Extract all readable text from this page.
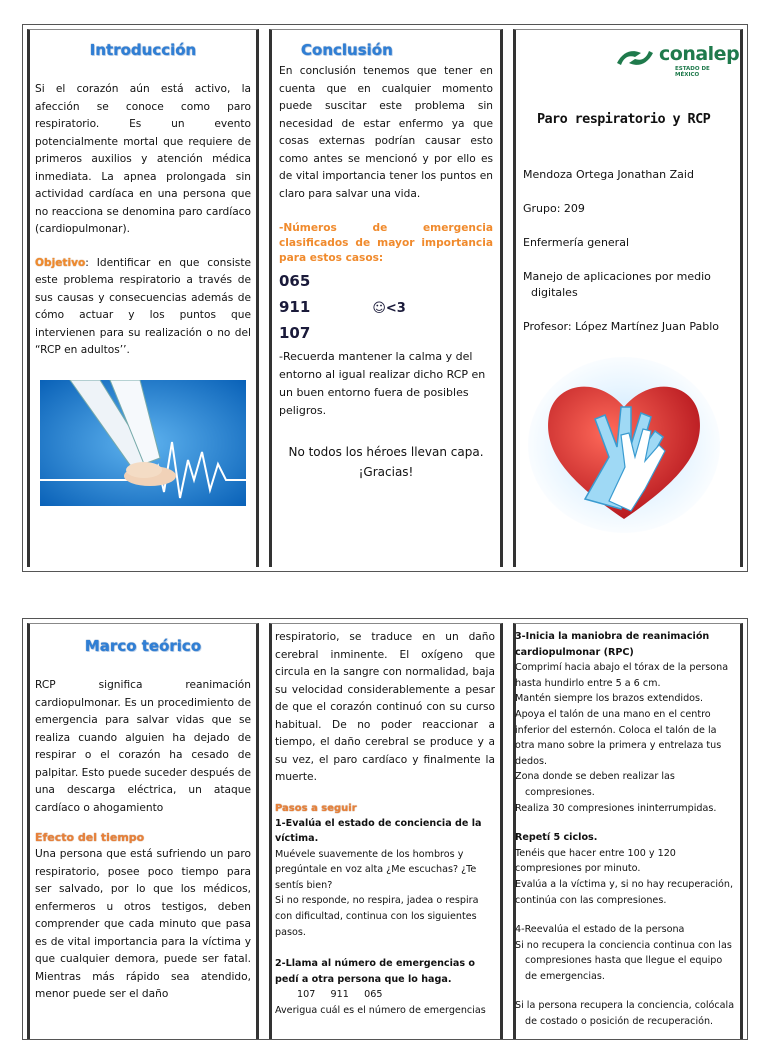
Introducción

Si el corazón aún está activo, la afección se conoce como paro respiratorio. Es un evento potencialmente mortal que requiere de primeros auxilios y atención médica inmediata. La apnea prolongada sin actividad cardíaca en una persona que no reacciona se denomina paro cardíaco (cardiopulmonar).

Objetivo: Identificar en que consiste este problema respiratorio a través de sus causas y consecuencias además de cómo actuar y los puntos que intervienen para su realización o no del “RCP en adultos’’.

Conclusión

En conclusión tenemos que tener en cuenta que en cualquier momento puede suscitar este problema sin necesidad de estar enfermo ya que cosas externas podrían causar esto como antes se mencionó y por ello es de vital importancia tener los puntos en claro para salvar una vida.

-Números de emergencia clasificados de mayor importancia para estos casos:

065

911	☺<3

107

-Recuerda mantener la calma y del entorno al igual realizar dicho RCP en un buen entorno fuera de posibles peligros.

No todos los héroes llevan capa.

¡Gracias!

conalep
ESTADO DE MÉXICO

Paro respiratorio y RCP

Mendoza Ortega Jonathan Zaid

Grupo: 209

Enfermería general

Manejo de aplicaciones por medio digitales

Profesor: López Martínez Juan Pablo

Marco teórico

RCP significa reanimación cardiopulmonar. Es un procedimiento de emergencia para salvar vidas que se realiza cuando alguien ha dejado de respirar o el corazón ha cesado de palpitar. Esto puede suceder después de una descarga eléctrica, un ataque cardíaco o ahogamiento

Efecto del tiempo

Una persona que está sufriendo un paro respiratorio, posee poco tiempo para ser salvado, por lo que los médicos, enfermeros u otros testigos, deben comprender que cada minuto que pasa es de vital importancia para la víctima y que cualquier demora, puede ser fatal. Mientras más rápido sea atendido, menor puede ser el daño

respiratorio, se traduce en un daño cerebral inminente. El oxígeno que circula en la sangre con normalidad, baja su velocidad considerablemente a pesar de que el corazón continuó con su curso habitual. De no poder reaccionar a tiempo, el daño cerebral se produce y a su vez, el paro cardíaco y finalmente la muerte.

Pasos a seguir

1-Evalúa el estado de conciencia de la víctima.

Muévele suavemente de los hombros y pregúntale en voz alta ¿Me escuchas? ¿Te sentís bien?

Si no responde, no respira, jadea o respira con dificultad, continua con los siguientes pasos.

2-Llama al número de emergencias o pedí a otra persona que lo haga.

107     911     065

Averigua cuál es el número de emergencias

3-Inicia la maniobra de reanimación cardiopulmonar (RPC)

Comprimí hacia abajo el tórax de la persona hasta hundirlo entre 5 a 6 cm.

Mantén siempre los brazos extendidos.

Apoya el talón de una mano en el centro inferior del esternón. Coloca el talón de la otra mano sobre la primera y entrelaza tus dedos.

Zona donde se deben realizar las compresiones.

Realiza 30 compresiones ininterrumpidas.

Repetí 5 ciclos.

Tenéis que hacer entre 100 y 120 compresiones por minuto.

Evalúa a la víctima y, si no hay recuperación, continúa con las compresiones.

4-Reevalúa el estado de la persona

Si no recupera la conciencia continua con las compresiones hasta que llegue el equipo de emergencias.

Si la persona recupera la conciencia, colócala de costado o posición de recuperación.
